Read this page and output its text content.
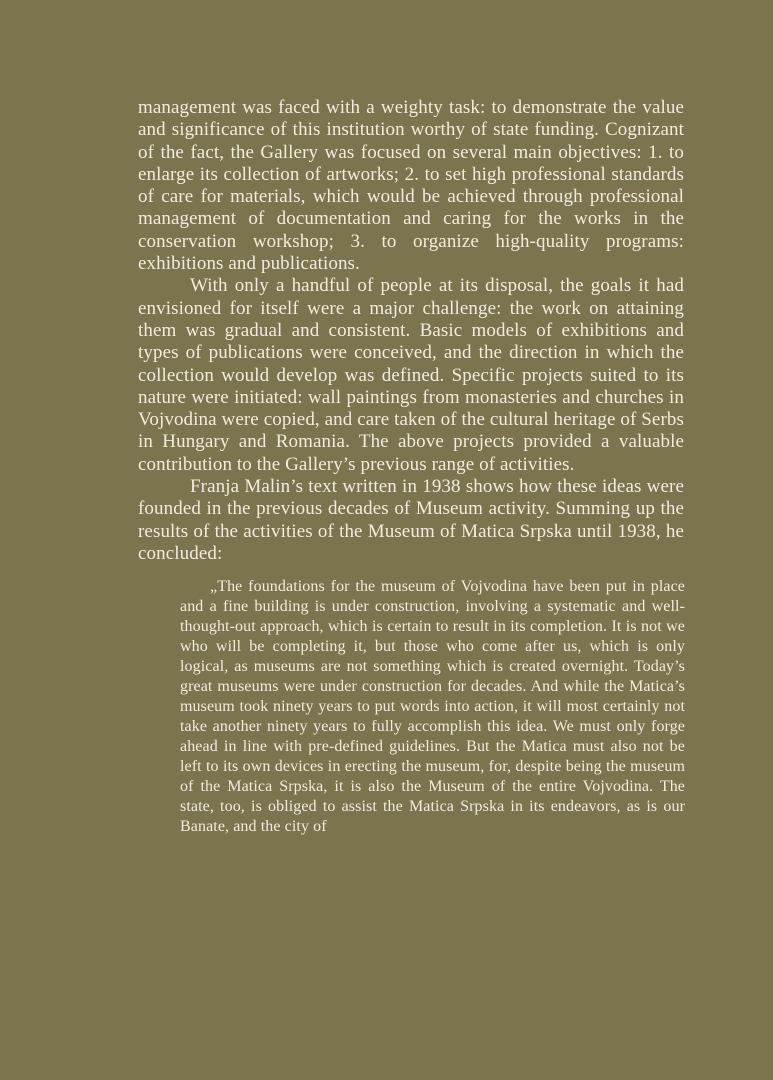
management was faced with a weighty task: to demonstrate the value and significance of this institution worthy of state funding. Cognizant of the fact, the Gallery was focused on several main objectives: 1. to enlarge its collection of artworks; 2. to set high professional standards of care for materials, which would be achieved through professional management of documentation and caring for the works in the conservation workshop; 3. to organize high-quality programs: exhibitions and publications.

With only a handful of people at its disposal, the goals it had envisioned for itself were a major challenge: the work on attaining them was gradual and consistent. Basic models of exhibitions and types of publications were conceived, and the direction in which the collection would develop was defined. Specific projects suited to its nature were initiated: wall paintings from monasteries and churches in Vojvodina were copied, and care taken of the cultural heritage of Serbs in Hungary and Romania. The above projects provided a valuable contribution to the Gallery’s previous range of activities.

Franja Malin’s text written in 1938 shows how these ideas were founded in the previous decades of Museum activity. Summing up the results of the activities of the Museum of Matica Srpska until 1938, he concluded:

„The foundations for the museum of Vojvodina have been put in place and a fine building is under construction, involving a systematic and well-thought-out approach, which is certain to result in its completion. It is not we who will be completing it, but those who come after us, which is only logical, as museums are not something which is created overnight. Today’s great museums were under construction for decades. And while the Matica’s museum took ninety years to put words into action, it will most certainly not take another ninety years to fully accomplish this idea. We must only forge ahead in line with pre-defined guidelines. But the Matica must also not be left to its own devices in erecting the museum, for, despite being the museum of the Matica Srpska, it is also the Museum of the entire Vojvodina. The state, too, is obliged to assist the Matica Srpska in its endeavors, as is our Banate, and the city of
